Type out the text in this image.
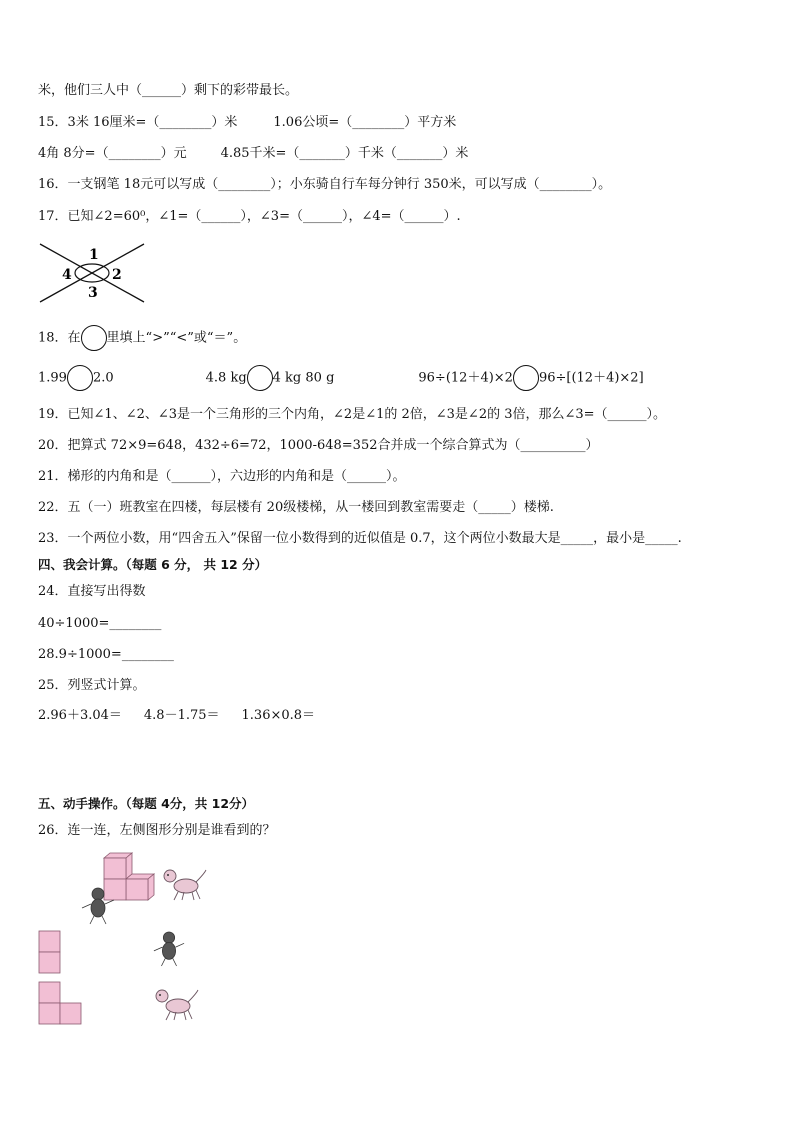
米，他们三人中（______）剩下的彩带最长。
15．3米 16厘米=（________）米	1.06公顷=（________）平方米
4角 8分=（________）元	4.85千米=（_______）千米（_______）米
16．一支钢笔 18元可以写成（________）；小东骑自行车每分钟行 350米，可以写成（________）。
17．已知∠2=60⁰，∠1=（______），∠3=（______），∠4=（______）.
1
2
3
4
18．在 里填上“>”“<”或“＝”。
1.99 2.0	4.8 kg 4 kg 80 g	96÷(12＋4)×2 96÷[(12＋4)×2]
19．已知∠1、∠2、∠3是一个三角形的三个内角，∠2是∠1的 2倍，∠3是∠2的 3倍，那么∠3=（______）。
20．把算式 72×9=648，432÷6=72，1000-648=352合并成一个综合算式为（__________）
21．梯形的内角和是（______），六边形的内角和是（______）。
22．五（一）班教室在四楼，每层楼有 20级楼梯，从一楼回到教室需要走（_____）楼梯.
23．一个两位小数，用“四舍五入”保留一位小数得到的近似值是 0.7，这个两位小数最大是_____，最小是_____.
四、我会计算。（每题 6 分， 共 12 分）
24．直接写出得数
40÷1000=________
28.9÷1000=________
25．列竖式计算。
2.96＋3.04＝ 4.8－1.75＝ 1.36×0.8＝
五、动手操作。（每题 4分，共 12分）
26．连一连，左侧图形分别是谁看到的？
